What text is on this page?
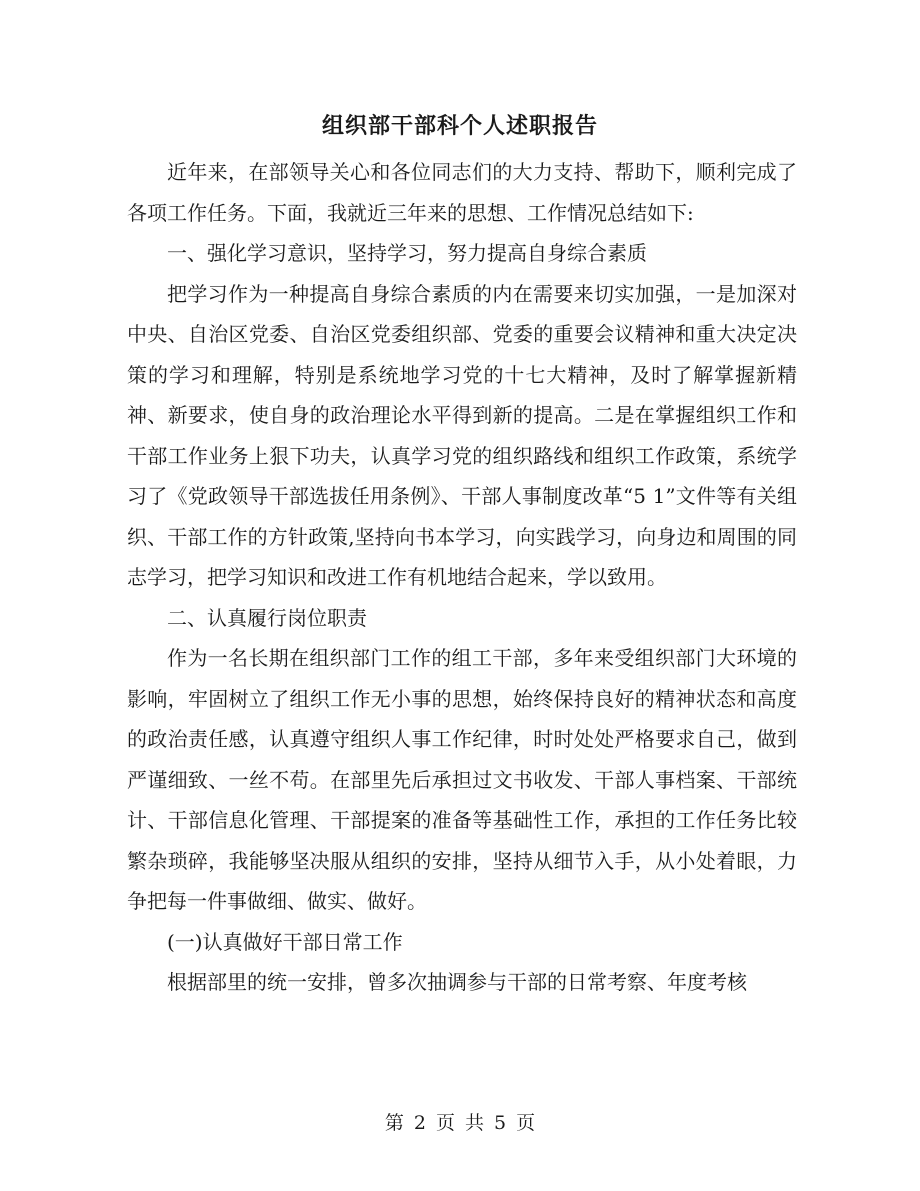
组织部干部科个人述职报告

近年来，在部领导关心和各位同志们的大力支持、帮助下，顺利完成了各项工作任务。下面，我就近三年来的思想、工作情况总结如下:

一、强化学习意识，坚持学习，努力提高自身综合素质

把学习作为一种提高自身综合素质的内在需要来切实加强，一是加深对中央、自治区党委、自治区党委组织部、党委的重要会议精神和重大决定决策的学习和理解，特别是系统地学习党的十七大精神，及时了解掌握新精神、新要求，使自身的政治理论水平得到新的提高。二是在掌握组织工作和干部工作业务上狠下功夫，认真学习党的组织路线和组织工作政策，系统学习了《党政领导干部选拔任用条例》、干部人事制度改革“5 1”文件等有关组织、干部工作的方针政策,坚持向书本学习，向实践学习，向身边和周围的同志学习，把学习知识和改进工作有机地结合起来，学以致用。

二、认真履行岗位职责

作为一名长期在组织部门工作的组工干部，多年来受组织部门大环境的影响，牢固树立了组织工作无小事的思想，始终保持良好的精神状态和高度的政治责任感，认真遵守组织人事工作纪律，时时处处严格要求自己，做到严谨细致、一丝不苟。在部里先后承担过文书收发、干部人事档案、干部统计、干部信息化管理、干部提案的准备等基础性工作，承担的工作任务比较繁杂琐碎，我能够坚决服从组织的安排，坚持从细节入手，从小处着眼，力争把每一件事做细、做实、做好。

(一)认真做好干部日常工作

根据部里的统一安排，曾多次抽调参与干部的日常考察、年度考核

第 2 页 共 5 页
